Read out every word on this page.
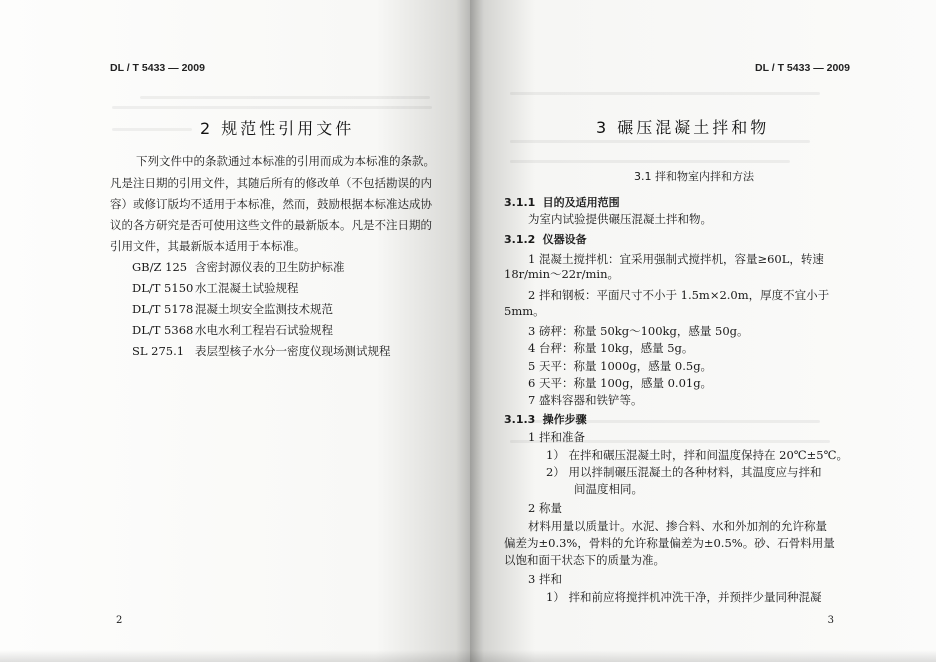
DL / T 5433 — 2009
2 规范性引用文件
下列文件中的条款通过本标准的引用而成为本标准的条款。
凡是注日期的引用文件，其随后所有的修改单（不包括勘误的内
容）或修订版均不适用于本标准，然而，鼓励根据本标准达成协
议的各方研究是否可使用这些文件的最新版本。凡是不注日期的
引用文件，其最新版本适用于本标准。
GB/Z 125 含密封源仪表的卫生防护标准
DL/T 5150 水工混凝土试验规程
DL/T 5178 混凝土坝安全监测技术规范
DL/T 5368 水电水利工程岩石试验规程
SL 275.1 表层型核子水分一密度仪现场测试规程
2
DL / T 5433 — 2009
3 碾压混凝土拌和物
3.1 拌和物室内拌和方法
3.1.1 目的及适用范围
为室内试验提供碾压混凝土拌和物。
3.1.2 仪器设备
1 混凝土搅拌机：宜采用强制式搅拌机，容量≥60L，转速
18r/min～22r/min。
2 拌和钢板：平面尺寸不小于 1.5m×2.0m，厚度不宜小于
5mm。
3 磅秤：称量 50kg～100kg，感量 50g。
4 台秤：称量 10kg，感量 5g。
5 天平：称量 1000g，感量 0.5g。
6 天平：称量 100g，感量 0.01g。
7 盛料容器和铁铲等。
3.1.3 操作步骤
1 拌和准备
1） 在拌和碾压混凝土时，拌和间温度保持在 20℃±5℃。
2） 用以拌制碾压混凝土的各种材料，其温度应与拌和
间温度相同。
2 称量
材料用量以质量计。水泥、掺合料、水和外加剂的允许称量
偏差为±0.3%，骨料的允许称量偏差为±0.5%。砂、石骨料用量
以饱和面干状态下的质量为准。
3 拌和
1） 拌和前应将搅拌机冲洗干净，并预拌少量同种混凝
3
